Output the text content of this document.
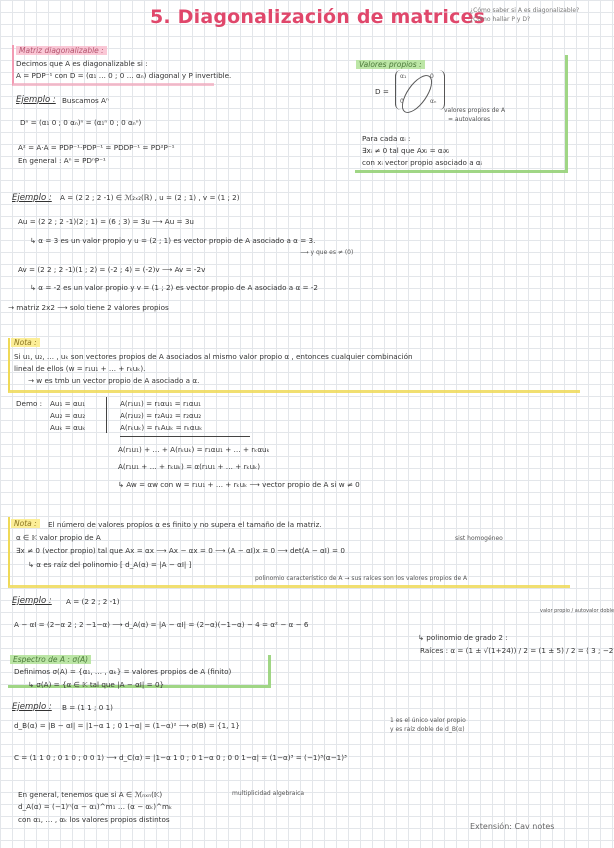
5. Diagonalización de matrices
¿Cómo saber si A es diagonalizable?
¿Cómo hallar P y D?
Matriz diagonalizable :
Decimos que A es diagonalizable si :
A = PDP⁻¹ con D = (α₁ … 0 ; 0 … αₙ) diagonal y P invertible.
Valores propios :
D =
α₁	0
0	αₙ
valores propios de A
= autovalores
Para cada αᵢ :
∃xᵢ ≠ 0 tal que Axᵢ = αᵢxᵢ
con xᵢ vector propio asociado a αᵢ
Ejemplo : Buscamos Aⁿ
Dⁿ = (α₁ 0 ; 0 αₙ)ⁿ = (α₁ⁿ 0 ; 0 αₙⁿ)
A² = A·A = PDP⁻¹·PDP⁻¹ = PDDP⁻¹ = PD²P⁻¹
En general : Aⁿ = PDⁿP⁻¹
Ejemplo : A = (2 2 ; 2 -1) ∈ ℳ₂ₓ₂(ℝ) , u = (2 ; 1) , v = (1 ; 2)
Au = (2 2 ; 2 -1)(2 ; 1) = (6 ; 3) = 3u ⟶ Au = 3u
↳ α = 3 es un valor propio y u = (2 ; 1) es vector propio de A asociado a α = 3.
⟶ y que es ≠ (0)
Av = (2 2 ; 2 -1)(1 ; 2) = (-2 ; 4) = (-2)v ⟶ Av = -2v
↳ α = -2 es un valor propio y v = (1 ; 2) es vector propio de A asociado a α = -2
→ matriz 2x2 ⟶ solo tiene 2 valores propios
Nota :
Si u₁, u₂, … , uₖ son vectores propios de A asociados al mismo valor propio α , entonces cualquier combinación
lineal de ellos (w = r₁u₁ + … + rₖuₖ).
→ w es tmb un vector propio de A asociado a α.
Demo : Au₁ = αu₁
Au₂ = αu₂
Auₖ = αuₖ
A(r₁u₁) = r₁αu₁ = r₁αu₁
A(r₂u₂) = r₂Au₂ = r₂αu₂
A(rₖuₖ) = rₖAuₖ = rₖαuₖ
A(r₁u₁) + … + A(rₖuₖ) = r₁αu₁ + … + rₖαuₖ
A(r₁u₁ + … + rₖuₖ) = α(r₁u₁ + … + rₖuₖ)
↳ Aw = αw con w = r₁u₁ + … + rₖuₖ ⟶ vector propio de A si w ≠ 0
Nota :	El número de valores propios α es finito y no supera el tamaño de la matriz.
α ∈ 𝕂 valor propio de A
∃x ≠ 0 (vector propio) tal que Ax = αx ⟶ Ax − αx = 0 ⟶ (A − αI)x = 0 ⟶ det(A − αI) = 0
sist homogéneo
↳ α es raíz del polinomio [ d_A(α) = |A − αI| ]
polinomio característico de A → sus raíces son los valores propios de A
Ejemplo : A = (2 2 ; 2 -1)
A − αI = (2−α 2 ; 2 −1−α) ⟶ d_A(α) = |A − αI| = (2−α)(−1−α) − 4 = α² − α − 6
↳ polinomio de grado 2 :
valor propio / autovalor doble
Raíces : α = (1 ± √(1+24)) / 2 = (1 ± 5) / 2 = ⟨ 3 ; −2
Espectro de A : σ(A)
Definimos σ(A) = {α₁, … , αₖ} = valores propios de A (finito)
↳ σ(A) = {α ∈ 𝕂 tal que |A − αI| = 0}
Ejemplo : B = (1 1 ; 0 1)
d_B(α) = |B − αI| = |1−α 1 ; 0 1−α| = (1−α)² ⟶ σ(B) = {1, 1}
1 es el único valor propio
y es raíz doble de d_B(α)
C = (1 1 0 ; 0 1 0 ; 0 0 1) ⟶ d_C(α) = |1−α 1 0 ; 0 1−α 0 ; 0 0 1−α| = (1−α)³ = (−1)³(α−1)³
En general, tenemos que si A ∈ ℳₙₓₙ(𝕂)	multiplicidad algebraica
d_A(α) = (−1)ⁿ(α − α₁)^m₁ … (α − αₖ)^mₖ
con α₁, … , αₖ los valores propios distintos
Extensión: Cav notes
